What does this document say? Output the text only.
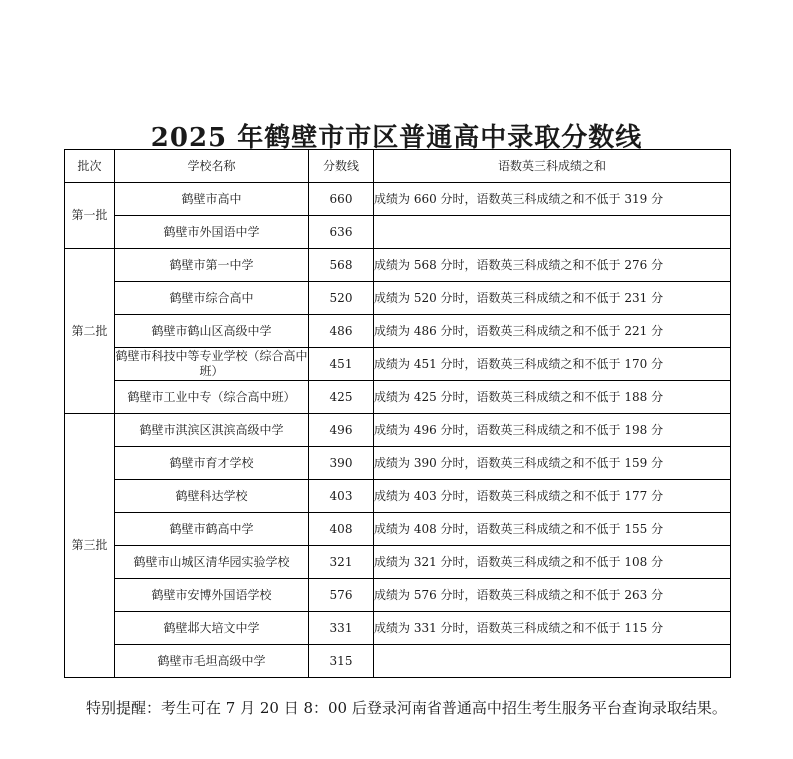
2025 年鹤壁市市区普通高中录取分数线
批次	学校名称	分数线	语数英三科成绩之和
第一批	鹤壁市高中	660	成绩为 660 分时，语数英三科成绩之和不低于 319 分
	鹤壁市外国语中学	636	
第二批	鹤壁市第一中学	568	成绩为 568 分时，语数英三科成绩之和不低于 276 分
	鹤壁市综合高中	520	成绩为 520 分时，语数英三科成绩之和不低于 231 分
	鹤壁市鹤山区高级中学	486	成绩为 486 分时，语数英三科成绩之和不低于 221 分
	鹤壁市科技中等专业学校（综合高中班）	451	成绩为 451 分时，语数英三科成绩之和不低于 170 分
	鹤壁市工业中专（综合高中班）	425	成绩为 425 分时，语数英三科成绩之和不低于 188 分
第三批	鹤壁市淇滨区淇滨高级中学	496	成绩为 496 分时，语数英三科成绩之和不低于 198 分
	鹤壁市育才学校	390	成绩为 390 分时，语数英三科成绩之和不低于 159 分
	鹤壁科达学校	403	成绩为 403 分时，语数英三科成绩之和不低于 177 分
	鹤壁市鹤高中学	408	成绩为 408 分时，语数英三科成绩之和不低于 155 分
	鹤壁市山城区清华园实验学校	321	成绩为 321 分时，语数英三科成绩之和不低于 108 分
	鹤壁市安博外国语学校	576	成绩为 576 分时，语数英三科成绩之和不低于 263 分
	鹤壁邶大培文中学	331	成绩为 331 分时，语数英三科成绩之和不低于 115 分
	鹤壁市毛坦高级中学	315	

特别提醒：考生可在 7 月 20 日 8：00 后登录河南省普通高中招生考生服务平台查询录取结果。
